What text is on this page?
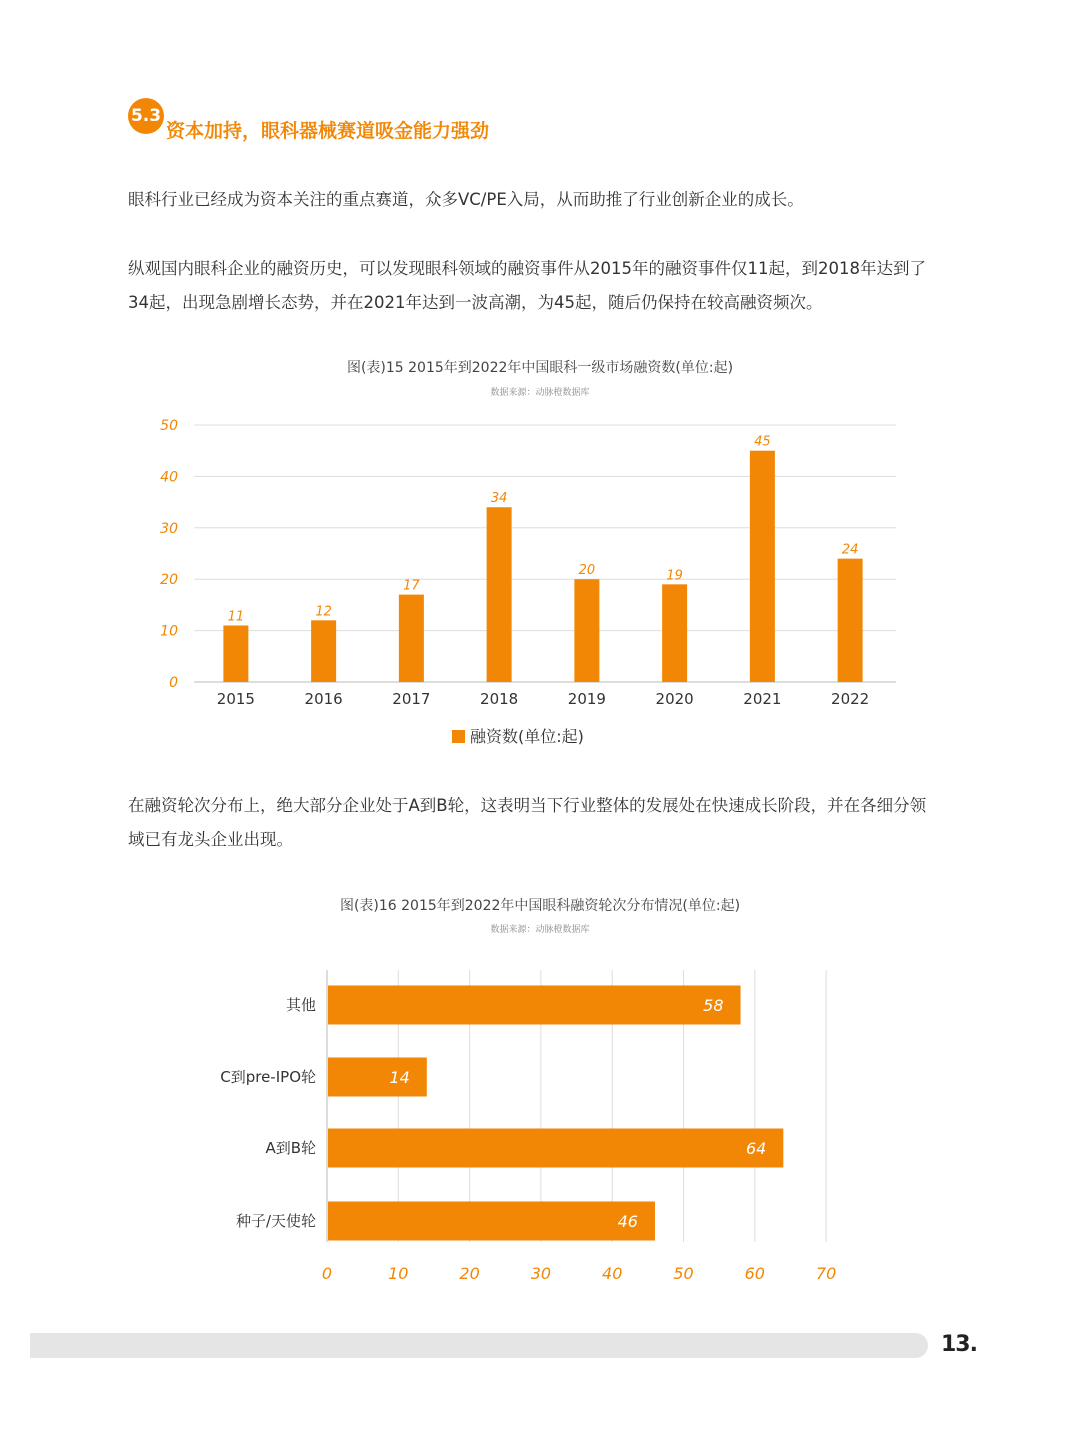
5.3
资本加持，眼科器械赛道吸金能力强劲

眼科行业已经成为资本关注的重点赛道，众多VC/PE入局，从而助推了行业创新企业的成长。

纵观国内眼科企业的融资历史，可以发现眼科领域的融资事件从2015年的融资事件仅11起，到2018年达到了34起，出现急剧增长态势，并在2021年达到一波高潮，为45起，随后仍保持在较高融资频次。

图(表)15 2015年到2022年中国眼科一级市场融资数(单位:起)

数据来源：动脉橙数据库

0
10
20
30
40
50
11
2015
12
2016
17
2017
34
2018
20
2019
19
2020
45
2021
24
2022
融资数(单位:起)

在融资轮次分布上，绝大部分企业处于A到B轮，这表明当下行业整体的发展处在快速成长阶段，并在各细分领域已有龙头企业出现。

图(表)16 2015年到2022年中国眼科融资轮次分布情况(单位:起)

数据来源：动脉橙数据库

0	10	20	30	40	50	60	70
58
其他
14
C到pre-IPO轮
64
A到B轮
46
种子/天使轮
13.
